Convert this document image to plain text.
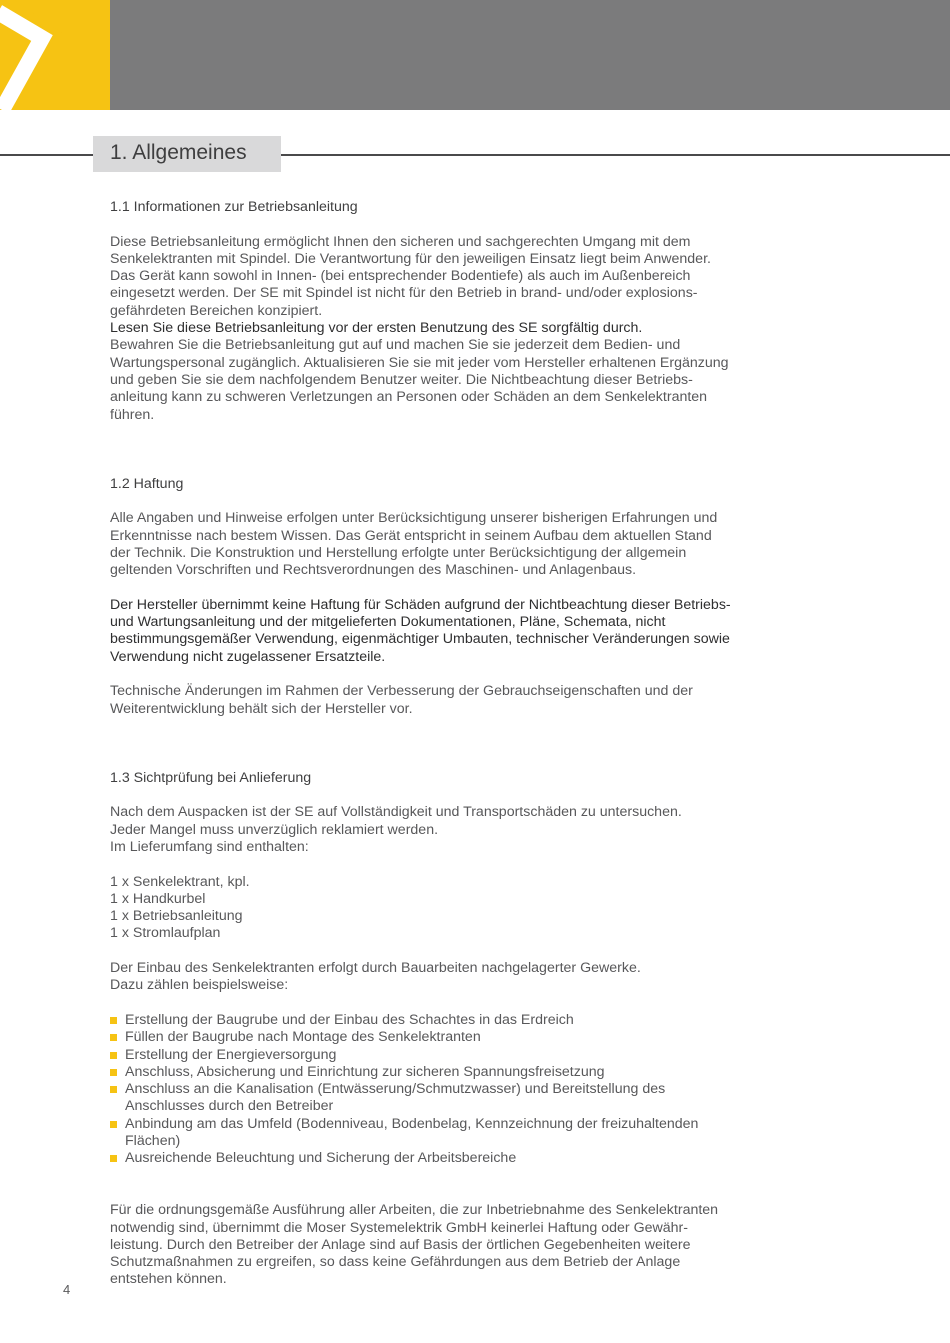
1. Allgemeines

1.1 Informationen zur Betriebsanleitung

Diese Betriebsanleitung ermöglicht Ihnen den sicheren und sachgerechten Umgang mit dem

Senkelektranten mit Spindel. Die Verantwortung für den jeweiligen Einsatz liegt beim Anwender.

Das Gerät kann sowohl in Innen- (bei entsprechender Bodentiefe) als auch im Außenbereich

eingesetzt werden. Der SE mit Spindel ist nicht für den Betrieb in brand- und/oder explosions-

gefährdeten Bereichen konzipiert.

Lesen Sie diese Betriebsanleitung vor der ersten Benutzung des SE sorgfältig durch.

Bewahren Sie die Betriebsanleitung gut auf und machen Sie sie jederzeit dem Bedien- und

Wartungspersonal zugänglich. Aktualisieren Sie sie mit jeder vom Hersteller erhaltenen Ergänzung

und geben Sie sie dem nachfolgendem Benutzer weiter. Die Nichtbeachtung dieser Betriebs-

anleitung kann zu schweren Verletzungen an Personen oder Schäden an dem Senkelektranten

führen.

1.2 Haftung

Alle Angaben und Hinweise erfolgen unter Berücksichtigung unserer bisherigen Erfahrungen und

Erkenntnisse nach bestem Wissen. Das Gerät entspricht in seinem Aufbau dem aktuellen Stand

der Technik. Die Konstruktion und Herstellung erfolgte unter Berücksichtigung der allgemein

geltenden Vorschriften und Rechtsverordnungen des Maschinen- und Anlagenbaus.

Der Hersteller übernimmt keine Haftung für Schäden aufgrund der Nichtbeachtung dieser Betriebs-

und Wartungsanleitung und der mitgelieferten Dokumentationen, Pläne, Schemata, nicht

bestimmungsgemäßer Verwendung, eigenmächtiger Umbauten, technischer Veränderungen sowie

Verwendung nicht zugelassener Ersatzteile.

Technische Änderungen im Rahmen der Verbesserung der Gebrauchseigenschaften und der

Weiterentwicklung behält sich der Hersteller vor.

1.3 Sichtprüfung bei Anlieferung

Nach dem Auspacken ist der SE auf Vollständigkeit und Transportschäden zu untersuchen.

Jeder Mangel muss unverzüglich reklamiert werden.

Im Lieferumfang sind enthalten:

1 x Senkelektrant, kpl.

1 x Handkurbel

1 x Betriebsanleitung

1 x Stromlaufplan

Der Einbau des Senkelektranten erfolgt durch Bauarbeiten nachgelagerter Gewerke.

Dazu zählen beispielsweise:

Erstellung der Baugrube und der Einbau des Schachtes in das Erdreich
Füllen der Baugrube nach Montage des Senkelektranten
Erstellung der Energieversorgung
Anschluss, Absicherung und Einrichtung zur sicheren Spannungsfreisetzung
Anschluss an die Kanalisation (Entwässerung/Schmutzwasser) und Bereitstellung des
Anschlusses durch den Betreiber
Anbindung am das Umfeld (Bodenniveau, Bodenbelag, Kennzeichnung der freizuhaltenden
Flächen)
Ausreichende Beleuchtung und Sicherung der Arbeitsbereiche

Für die ordnungsgemäße Ausführung aller Arbeiten, die zur Inbetriebnahme des Senkelektranten

notwendig sind, übernimmt die Moser Systemelektrik GmbH keinerlei Haftung oder Gewähr-

leistung. Durch den Betreiber der Anlage sind auf Basis der örtlichen Gegebenheiten weitere

Schutzmaßnahmen zu ergreifen, so dass keine Gefährdungen aus dem Betrieb der Anlage

entstehen können.

4
